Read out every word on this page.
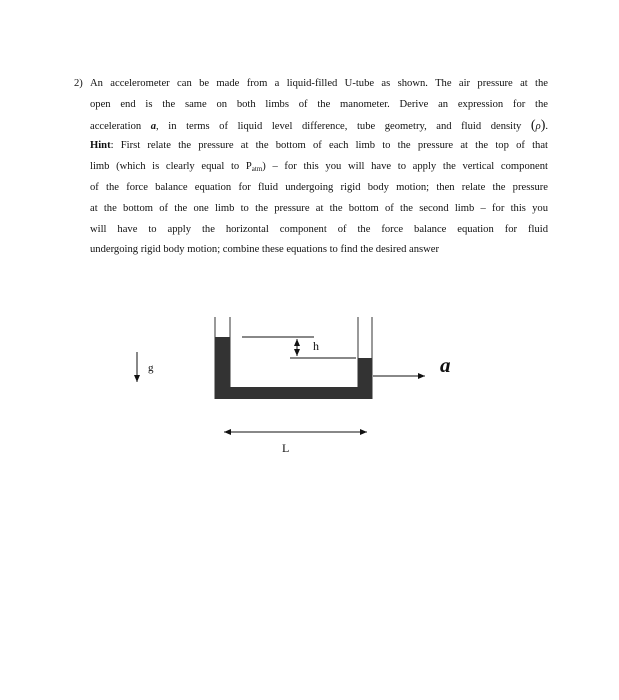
2) An accelerometer can be made from a liquid-filled U-tube as shown. The air pressure at the
open end is the same on both limbs of the manometer. Derive an expression for the
acceleration a, in terms of liquid level difference, tube geometry, and fluid density (ρ).
Hint: First relate the pressure at the bottom of each limb to the pressure at the top of that
limb (which is clearly equal to $P_{atm}$) – for this you will have to apply the vertical component
of the force balance equation for fluid undergoing rigid body motion; then relate the pressure
at the bottom of the one limb to the pressure at the bottom of the second limb – for this you
will have to apply the horizontal component of the force balance equation for fluid
undergoing rigid body motion; combine these equations to find the desired answer
g
h
a
L
